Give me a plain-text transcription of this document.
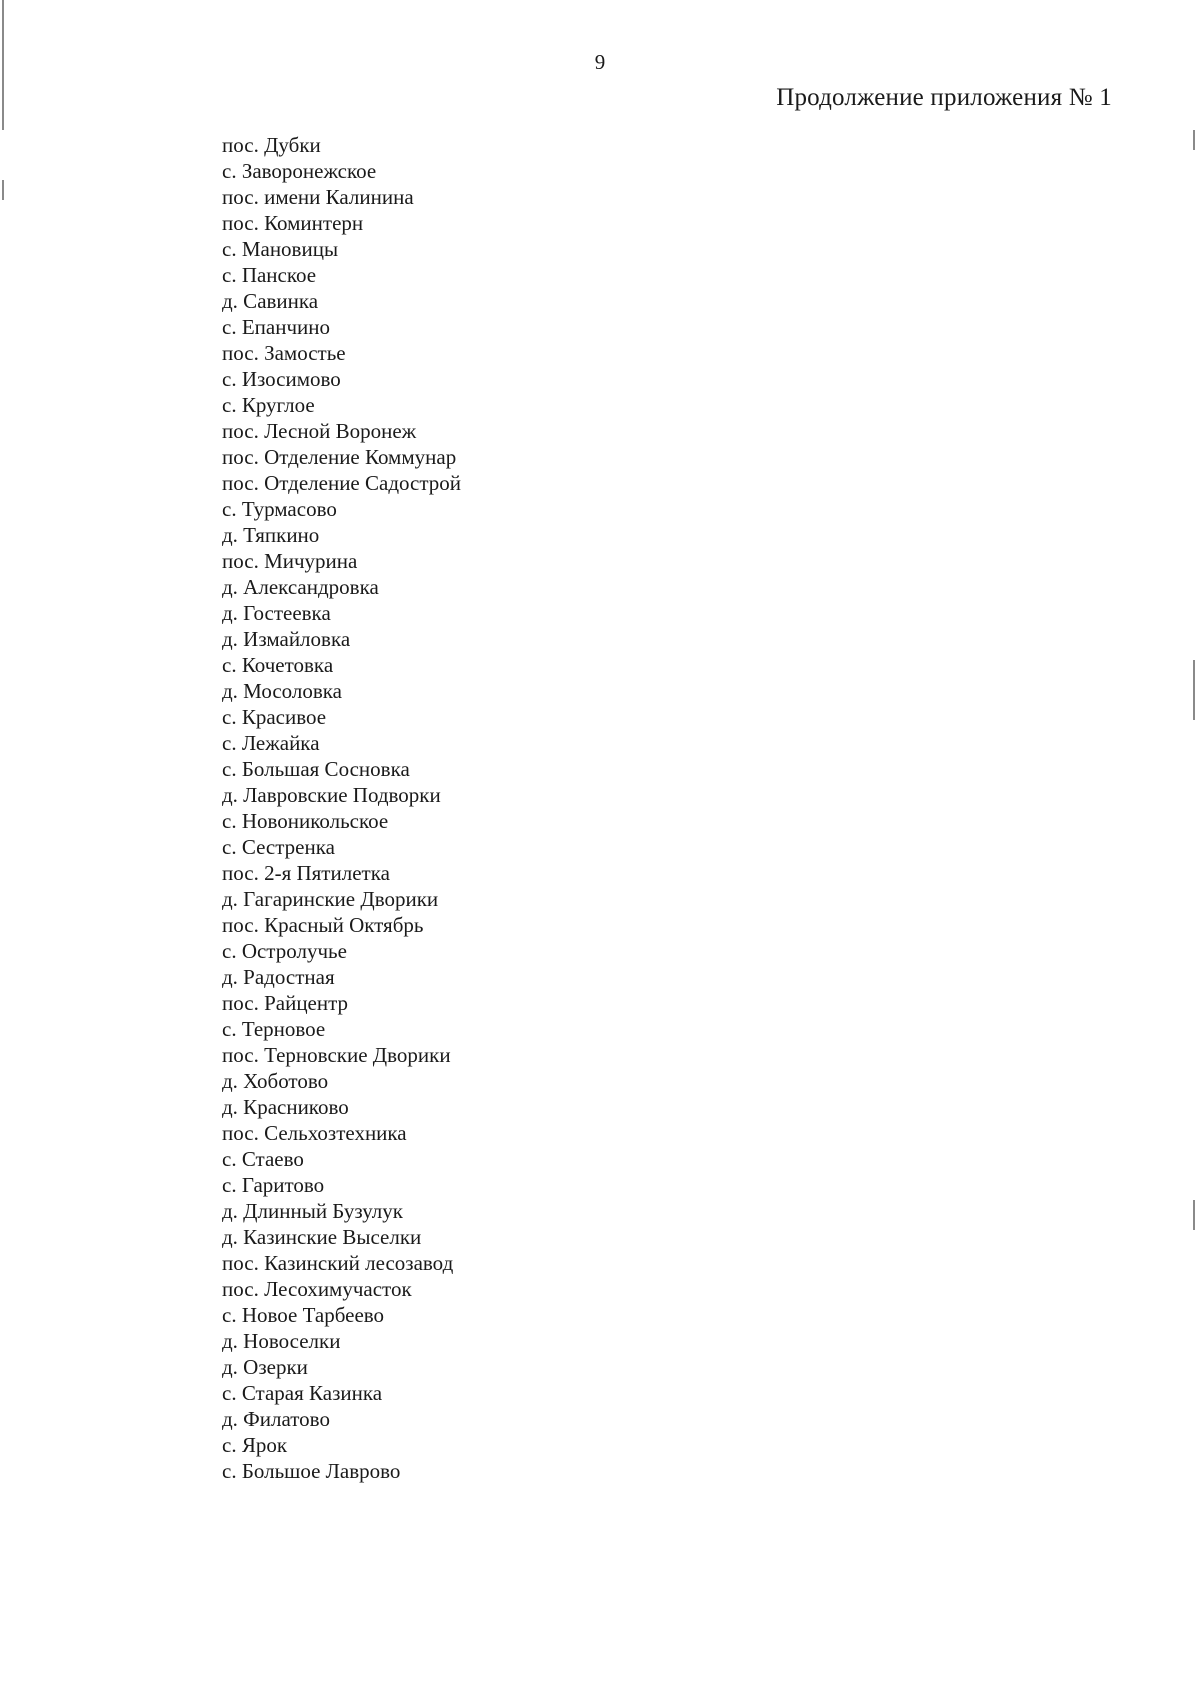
9
Продолжение приложения № 1
пос. Дубки
с. Заворонежское
пос. имени Калинина
пос. Коминтерн
с. Мановицы
с. Панское
д. Савинка
с. Епанчино
пос. Замостье
с. Изосимово
с. Круглое
пос. Лесной Воронеж
пос. Отделение Коммунар
пос. Отделение Садострой
с. Турмасово
д. Тяпкино
пос. Мичурина
д. Александровка
д. Гостеевка
д. Измайловка
с. Кочетовка
д. Мосоловка
с. Красивое
с. Лежайка
с. Большая Сосновка
д. Лавровские Подворки
с. Новоникольское
с. Сестренка
пос. 2-я Пятилетка
д. Гагаринские Дворики
пос. Красный Октябрь
с. Остролучье
д. Радостная
пос. Райцентр
с. Терновое
пос. Терновские Дворики
д. Хоботово
д. Красниково
пос. Сельхозтехника
с. Стаево
с. Гаритово
д. Длинный Бузулук
д. Казинские Выселки
пос. Казинский лесозавод
пос. Лесохимучасток
с. Новое Тарбеево
д. Новоселки
д. Озерки
с. Старая Казинка
д. Филатово
с. Ярок
с. Большое Лаврово
